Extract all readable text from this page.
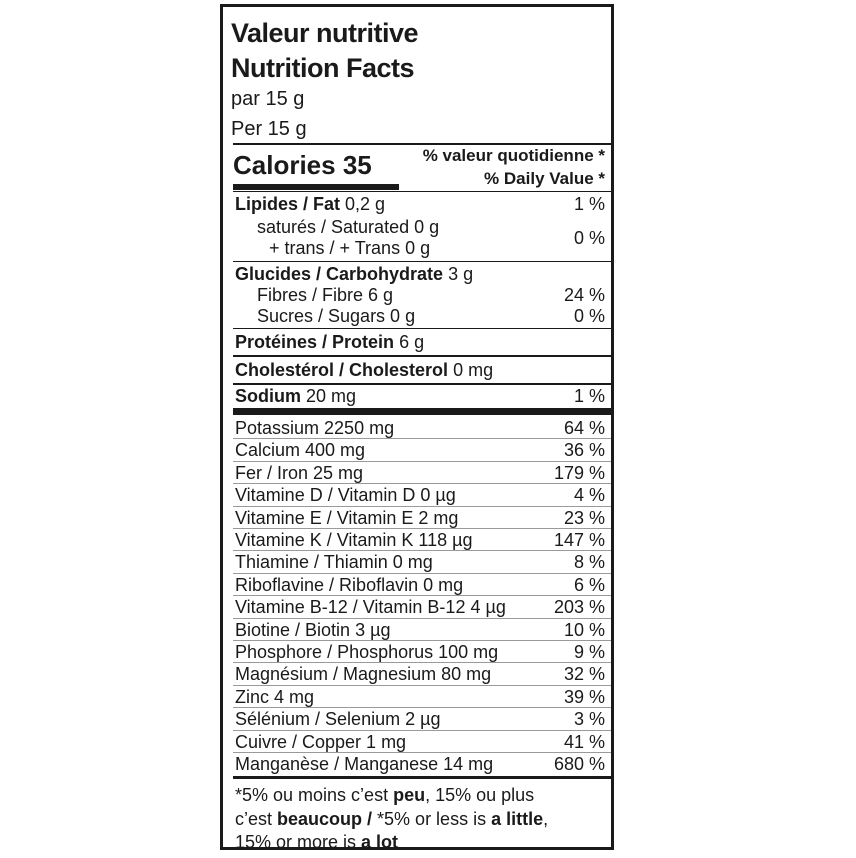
Valeur nutritive
Nutrition Facts
par 15 g
Per 15 g
Calories 35	% valeur quotidienne *
% Daily Value *
Lipides / Fat 0,2 g	1 %
saturés / Saturated 0 g
+ trans / + Trans 0 g	0 %
Glucides / Carbohydrate 3 g
Fibres / Fibre 6 g	24 %
Sucres / Sugars 0 g	0 %
Protéines / Protein 6 g
Cholestérol / Cholesterol 0 mg
Sodium 20 mg	1 %
Potassium 2250 mg	64 %
Calcium 400 mg	36 %
Fer / Iron 25 mg	179 %
Vitamine D / Vitamin D 0 µg	4 %
Vitamine E / Vitamin E 2 mg	23 %
Vitamine K / Vitamin K 118 µg	147 %
Thiamine / Thiamin 0 mg	8 %
Riboflavine / Riboflavin 0 mg	6 %
Vitamine B-12 / Vitamin B-12 4 µg	203 %
Biotine / Biotin 3 µg	10 %
Phosphore / Phosphorus 100 mg	9 %
Magnésium / Magnesium 80 mg	32 %
Zinc 4 mg	39 %
Sélénium / Selenium 2 µg	3 %
Cuivre / Copper 1 mg	41 %
Manganèse / Manganese 14 mg	680 %
*5% ou moins c’est peu, 15% ou plus
c’est beaucoup / *5% or less is a little,
15% or more is a lot
